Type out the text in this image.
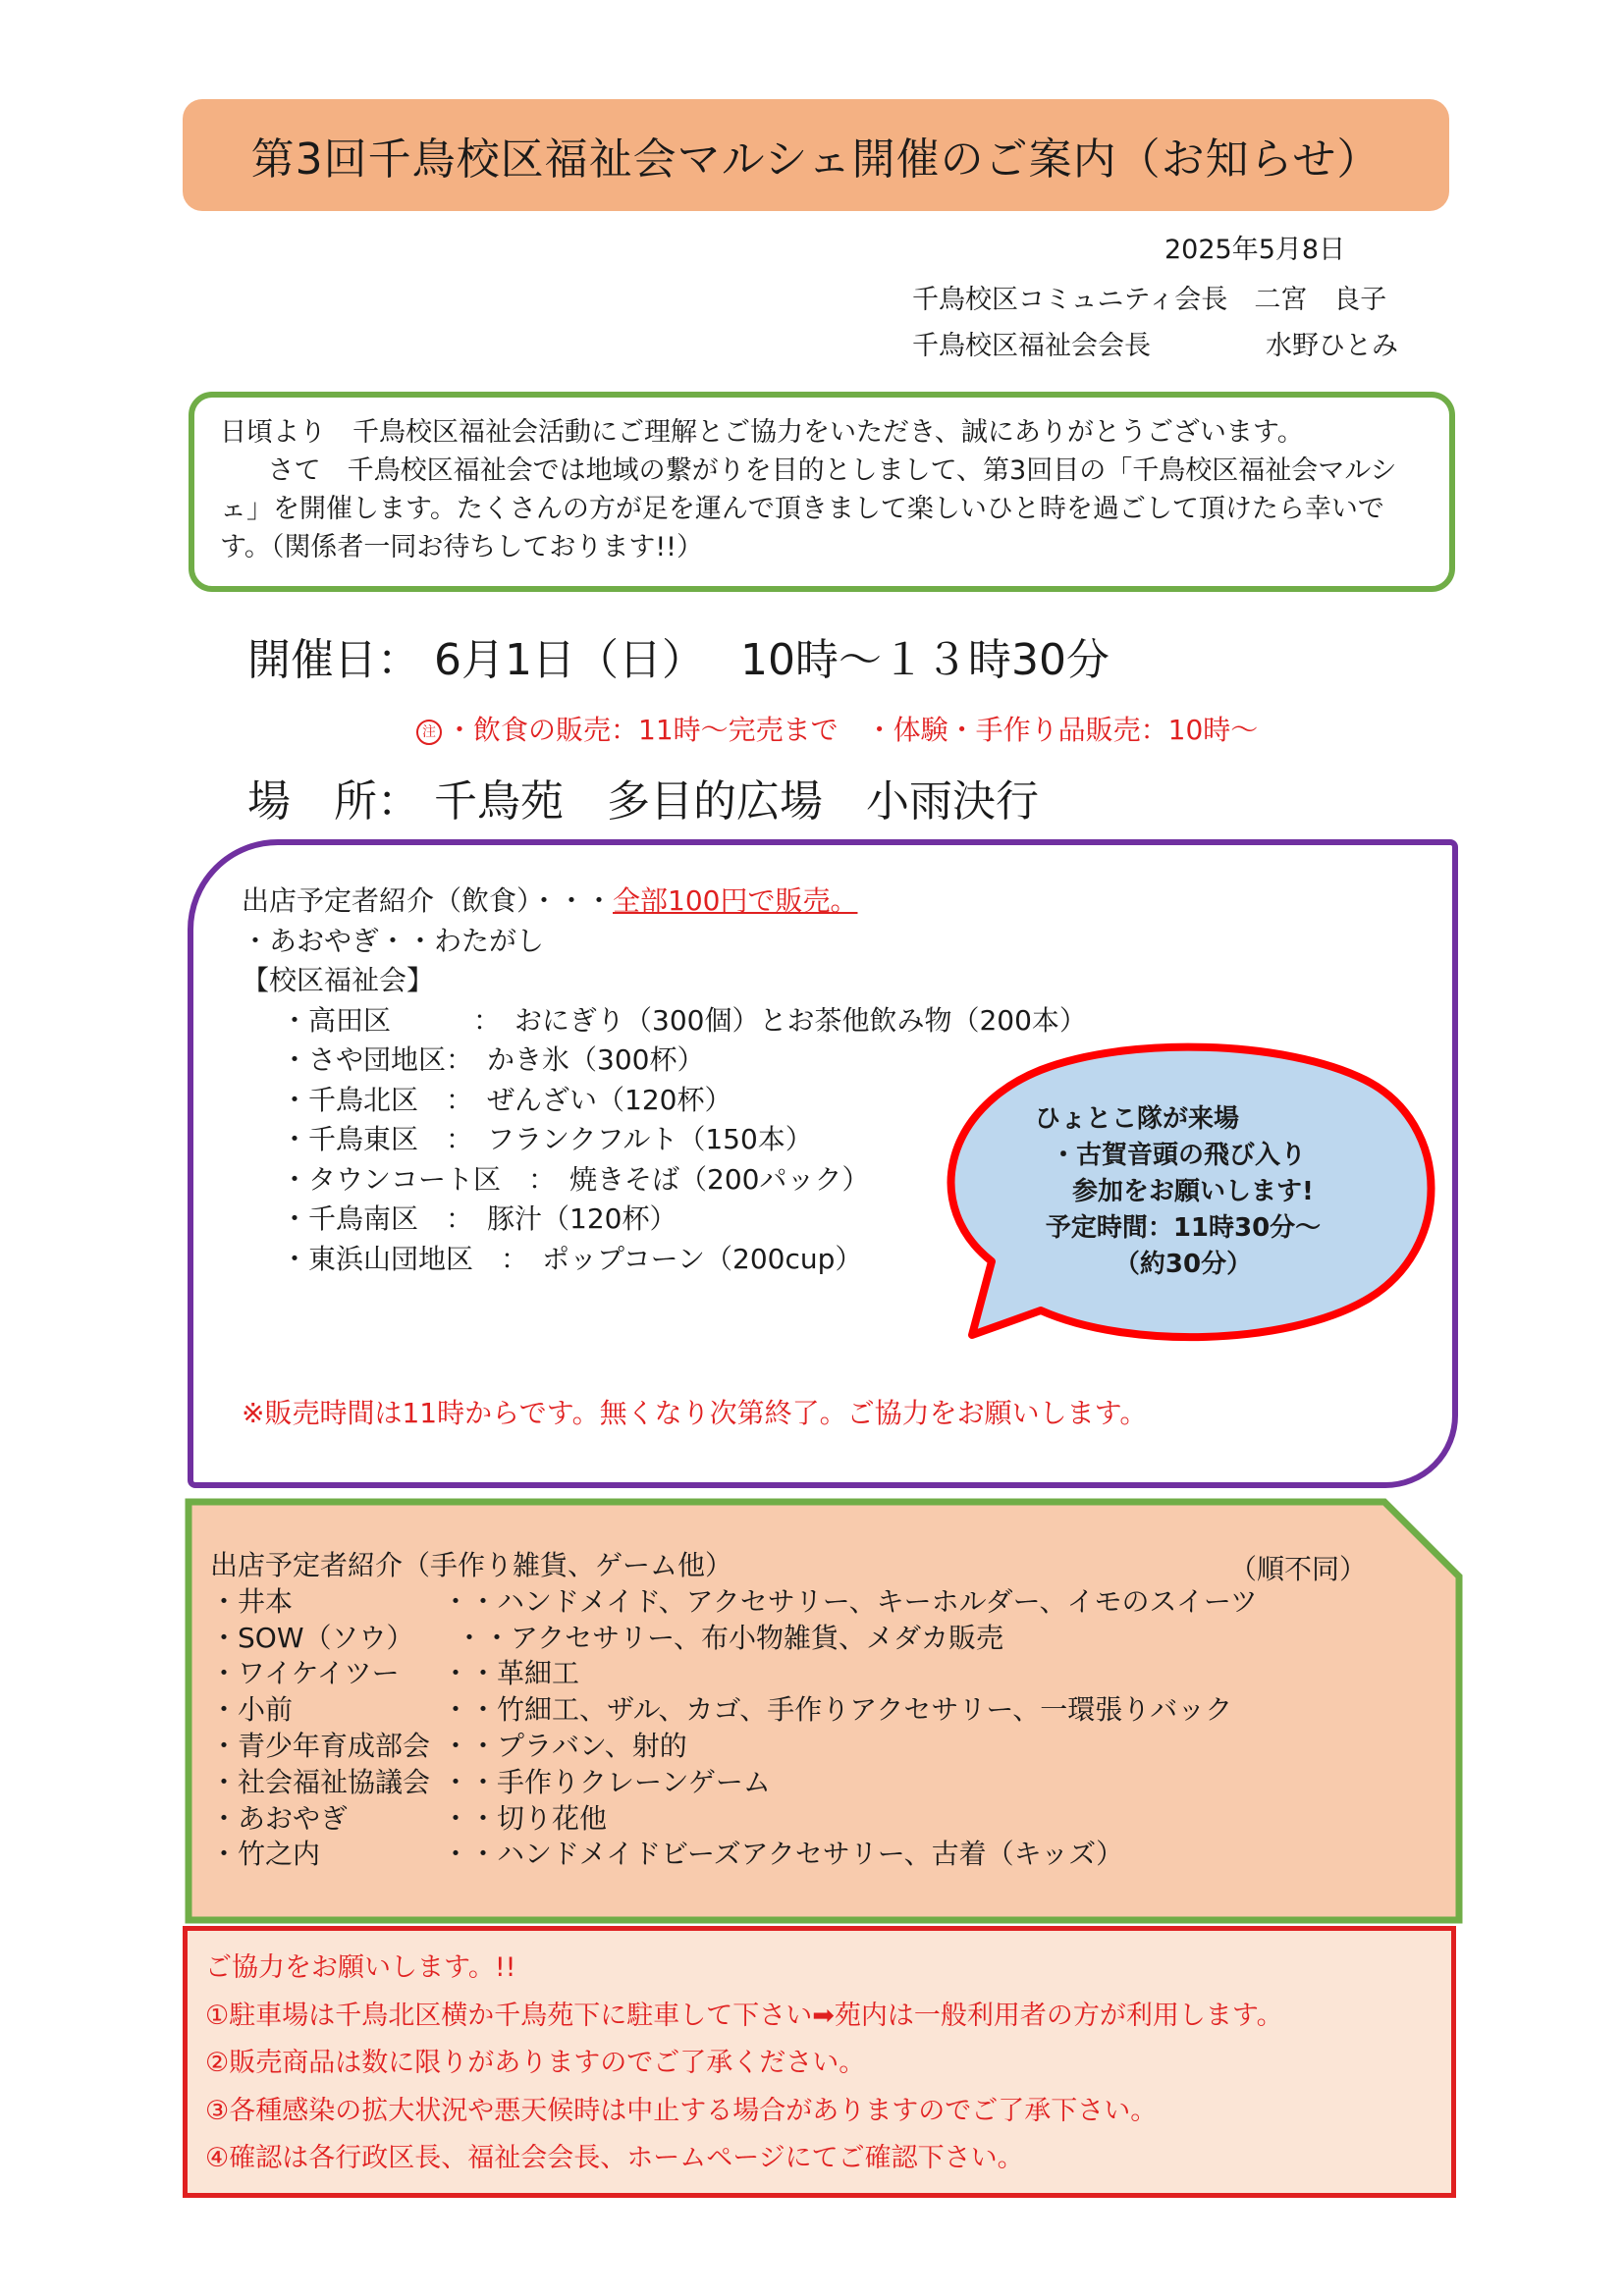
第3回千鳥校区福祉会マルシェ開催のご案内（お知らせ）
2025年5月8日
千鳥校区コミュニティ会長　 二宮　良子
千鳥校区福祉会会長	水野ひとみ

日頃より　千鳥校区福祉会活動にご理解とご協力をいただき、誠にありがとうございます。

さて　千鳥校区福祉会では地域の繋がりを目的としまして、第3回目の「千鳥校区福祉会マルシェ」を開催します。たくさんの方が足を運んで頂きまして楽しいひと時を過ごして頂けたら幸いです。（関係者一同お待ちしております!!）

開催日： 6月1日（日）　 10時～１３時30分
注 ・飲食の販売：11時～完売まで　・体験・手作り品販売：10時～
場　所： 千鳥苑　多目的広場　小雨決行
出店予定者紹介（飲食）・・・全部100円で販売。
・あおやぎ・・わたがし
【校区福祉会】
・高田区　　　：　おにぎり（300個）とお茶他飲み物（200本）
・さや団地区：　かき氷（300杯）
・千鳥北区　：　ぜんざい（120杯）
・千鳥東区　：　フランクフルト（150本）
・タウンコート区　：　焼きそば（200パック）
・千鳥南区　：　豚汁（120杯）
・東浜山団地区　：　ポップコーン（200cup）
※販売時間は11時からです。無くなり次第終了。ご協力をお願いします。
ひょとこ隊が来場
・古賀音頭の飛び入り
参加をお願いします!
予定時間：11時30分～
（約30分）
出店予定者紹介（手作り雑貨、ゲーム他）
・井本	・・ハンドメイド、アクセサリー、キーホルダー、イモのスイーツ
・SOW（ソウ） ・・アクセサリー、布小物雑貨、メダカ販売
・ワイケイツー ・・革細工
・小前	・・竹細工、ザル、カゴ、手作りアクセサリー、一環張りバック
・青少年育成部会 ・・プラバン、射的
・社会福祉協議会 ・・手作りクレーンゲーム
・あおやぎ	・・切り花他
・竹之内	・・ハンドメイドビーズアクセサリー、古着（キッズ）
（順不同）
ご協力をお願いします。!!
①駐車場は千鳥北区横か千鳥苑下に駐車して下さい➡苑内は一般利用者の方が利用します。
②販売商品は数に限りがありますのでご了承ください。
③各種感染の拡大状況や悪天候時は中止する場合がありますのでご了承下さい。
④確認は各行政区長、福祉会会長、ホームページにてご確認下さい。
